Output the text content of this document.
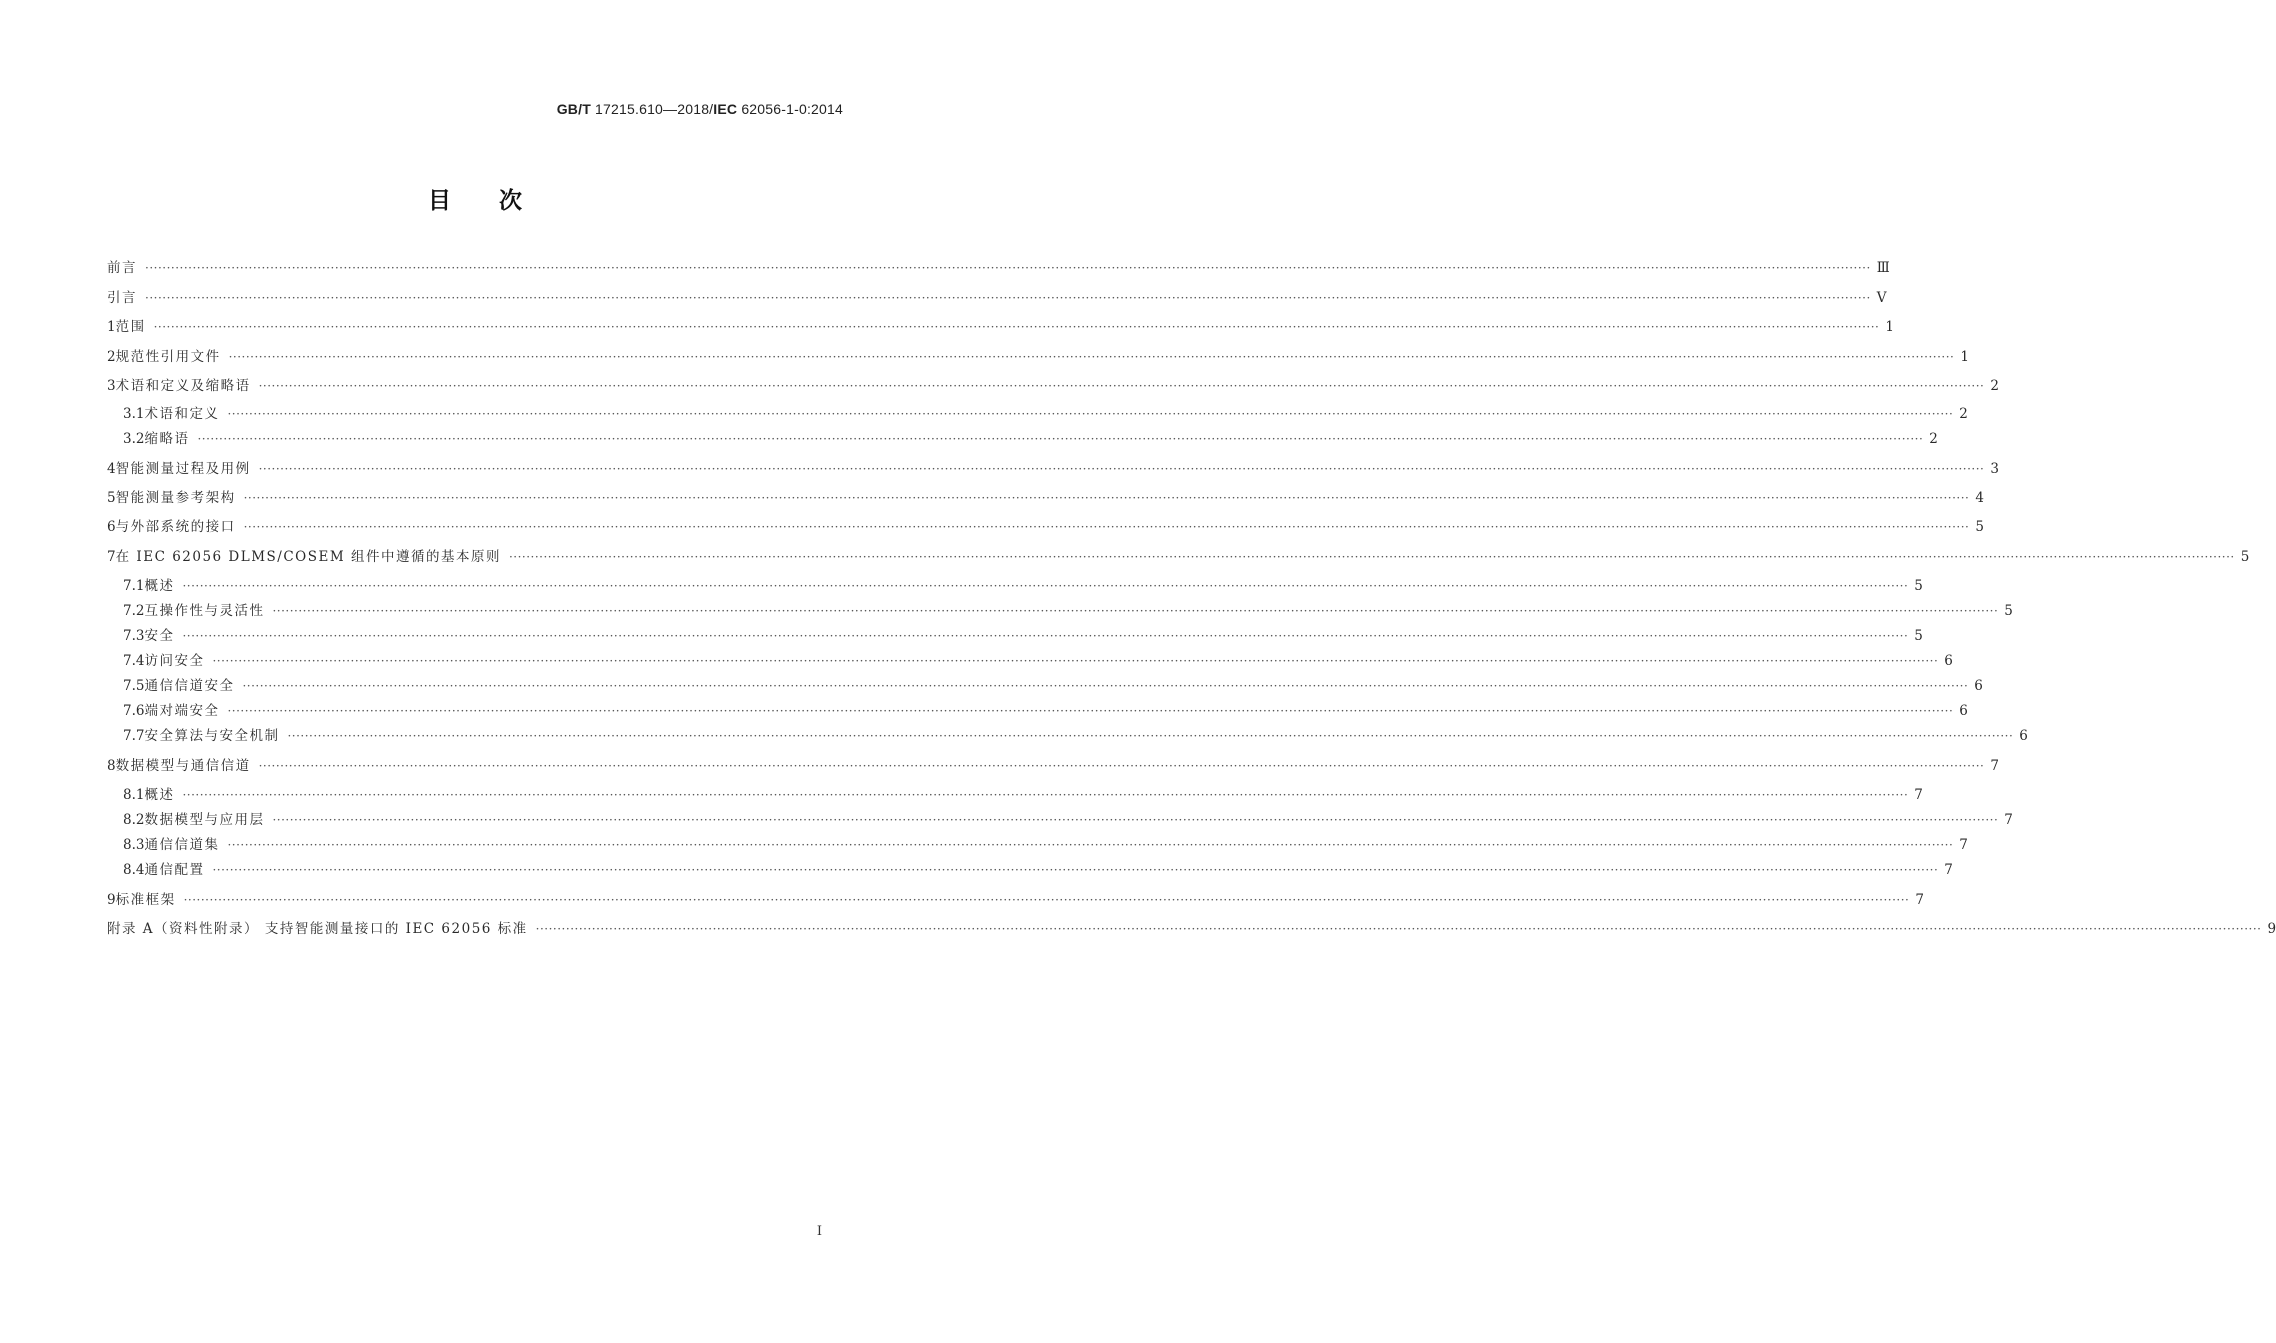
GB/T 17215.610—2018/IEC 62056-1-0:2014
目次
前言 ················································································································································································································································································································································································································ Ⅲ
引言 ················································································································································································································································································································································································································ V
1 范围 ················································································································································································································································································································································································································ 1
2 规范性引用文件 ················································································································································································································································································································································································································ 1
3 术语和定义及缩略语 ················································································································································································································································································································································································································ 2
3.1 术语和定义 ················································································································································································································································································································································································································ 2
3.2 缩略语 ················································································································································································································································································································································································································ 2
4 智能测量过程及用例 ················································································································································································································································································································································································································ 3
5 智能测量参考架构 ················································································································································································································································································································································································································ 4
6 与外部系统的接口 ················································································································································································································································································································································································································ 5
7 在 IEC 62056 DLMS/COSEM 组件中遵循的基本原则 ················································································································································································································································································································································································································ 5
7.1 概述 ················································································································································································································································································································································································································ 5
7.2 互操作性与灵活性 ················································································································································································································································································································································································································ 5
7.3 安全 ················································································································································································································································································································································································································ 5
7.4 访问安全 ················································································································································································································································································································································································································ 6
7.5 通信信道安全 ················································································································································································································································································································································································································ 6
7.6 端对端安全 ················································································································································································································································································································································································································ 6
7.7 安全算法与安全机制 ················································································································································································································································································································································································································ 6
8 数据模型与通信信道 ················································································································································································································································································································································································································ 7
8.1 概述 ················································································································································································································································································································································································································ 7
8.2 数据模型与应用层 ················································································································································································································································································································································································································ 7
8.3 通信信道集 ················································································································································································································································································································································································································ 7
8.4 通信配置 ················································································································································································································································································································································································································ 7
9 标准框架 ················································································································································································································································································································································································································ 7
附录 A（资料性附录） 支持智能测量接口的 IEC 62056 标准 ················································································································································································································································································································································································································ 9
I
